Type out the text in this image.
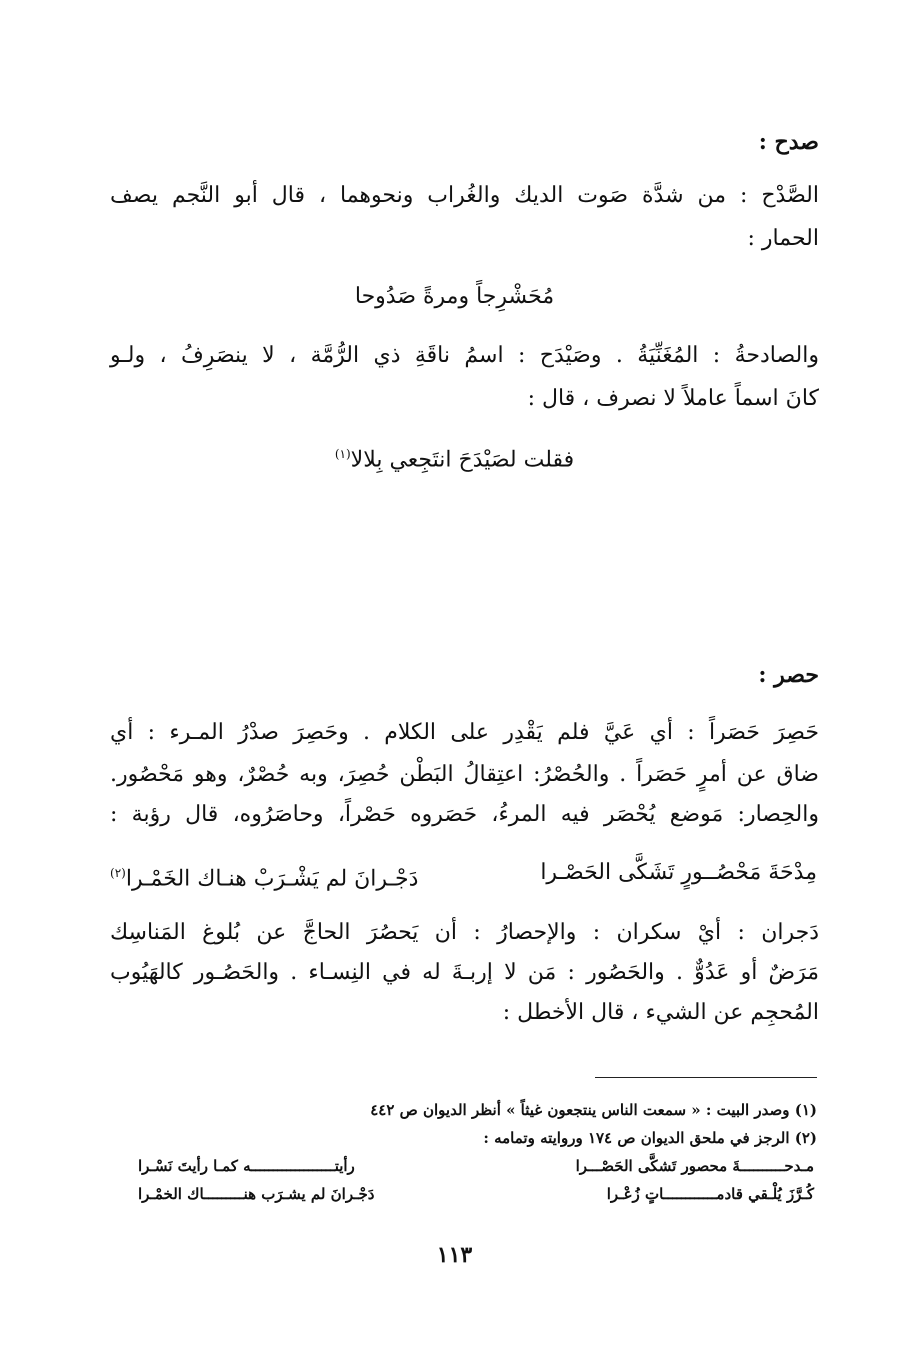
صدح :
الصَّدْح : من شدَّة صَوت الديك والغُراب ونحوهما ، قال أبو النَّجم يصف
الحمار :
مُحَشْرِجاً ومرةً صَدُوحا
والصادحةُ : المُغَنِّيَةُ . وصَيْدَح : اسمُ ناقَةِ ذي الرُّمَّة ، لا ينصَرِفُ ، ولـو
كانَ اسماً عاملاً لا نصرف ، قال :
فقلت لصَيْدَحَ انتَجِعي بِلالا$^{(١)}$
حصر :
حَصِرَ حَصَراً : أي عَيَّ فلم يَقْدِر على الكلام . وحَصِرَ صدْرُ المـرء : أي
ضاق عن أمرٍ حَصَراً . والحُصْرُ: اعتِقالُ البَطْن حُصِرَ، وبه حُصْرٌ، وهو مَحْصُور.
والحِصار: مَوضع يُحْصَر فيه المرءُ، حَصَروه حَصْراً، وحاصَرُوه، قال رؤبة :
مِدْحَةَ مَحْصُــورٍ تَشَكَّى الحَصْـرا
دَجْـرانَ لم يَشْـرَبْ هنـاك الخَمْـرا$^{(٢)}$
دَجران : أيْ سكران : والإحصارُ : أن يَحصُرَ الحاجَّ عن بُلوغ المَناسِك
مَرَضٌ أو عَدُوٌّ . والحَصُور : مَن لا إربـةَ له في النِسـاء . والحَصُـور كالهَيُوب
المُحجِم عن الشيء ، قال الأخطل :
(١) وصدر البيت : « سمعت الناس ينتجعون غيثاً » أنظر الديوان ص ٤٤٢
(٢) الرجز في ملحق الديوان ص ١٧٤ وروايته وتمامه :
مـدحــــــــــةَ محصور تَشكَّى الحَصْـــرا
رأيتـــــــــــــــــــه كمـا رأيتَ نَسْـرا
كُـرَّزَ يُلْـقي قادمــــــــــــاتٍ زُعْـرا
دَجْـرانَ لم يشـرَب هنـــــــــاك الخمْـرا
١١٣
